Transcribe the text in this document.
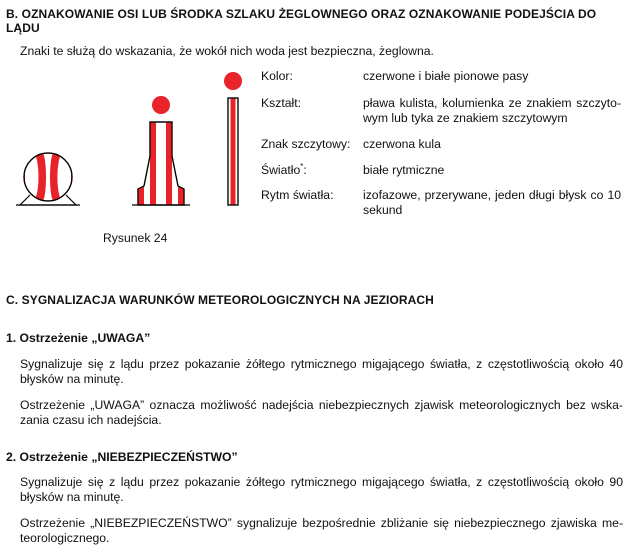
B. OZNAKOWANIE OSI LUB ŚRODKA SZLAKU ŻEGLOWNEGO ORAZ OZNAKOWANIE PODEJŚCIA DO LĄDU
Znaki te służą do wskazania, że wokół nich woda jest bezpieczna, żeglowna.
Rysunek 24
Kolor:	czerwone i białe pionowe pasy
Kształt:	pława kulista, kolumienka ze znakiem szczyto-wym lub tyka ze znakiem szczytowym
Znak szczytowy: czerwona kula
Światło*:	białe rytmiczne
Rytm światła: izofazowe, przerywane, jeden długi błysk co 10 sekund
C. SYGNALIZACJA WARUNKÓW METEOROLOGICZNYCH NA JEZIORACH
1. Ostrzeżenie „UWAGA”
Sygnalizuje się z lądu przez pokazanie żółtego rytmicznego migającego światła, z częstotliwością około 40 błysków na minutę.
Ostrzeżenie „UWAGA” oznacza możliwość nadejścia niebezpiecznych zjawisk meteorologicznych bez wska-zania czasu ich nadejścia.
2. Ostrzeżenie „NIEBEZPIECZEŃSTWO”
Sygnalizuje się z lądu przez pokazanie żółtego rytmicznego migającego światła, z częstotliwością około 90 błysków na minutę.
Ostrzeżenie „NIEBEZPIECZEŃSTWO” sygnalizuje bezpośrednie zbliżanie się niebezpiecznego zjawiska me-teorologicznego.
